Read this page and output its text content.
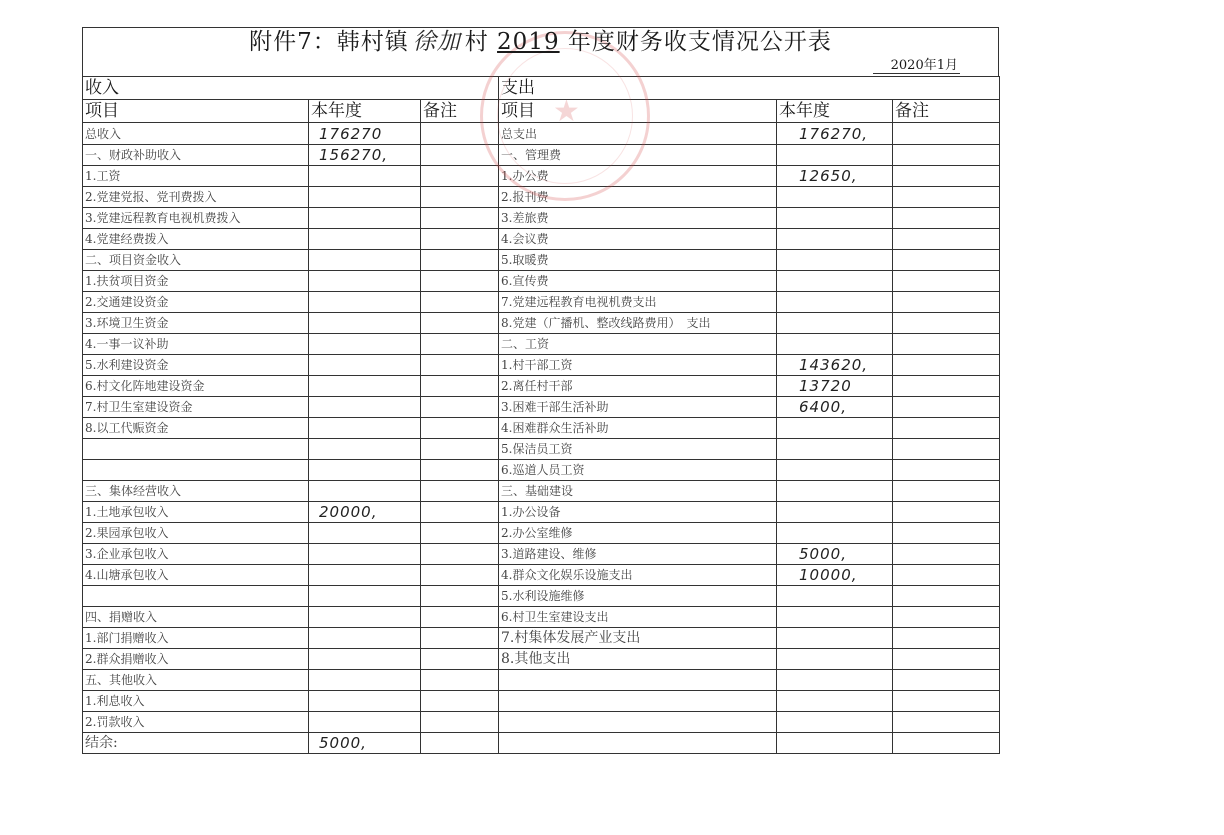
★
附件7：韩村镇 徐加 村 2019 年度财务收支情况公开表
2020年1月
收入			支出		
项目	本年度	备注	项目	本年度	备注
总收入	176270		总支出	176270,	
一、财政补助收入	156270,		一、管理费		
1.工资			1.办公费	12650,	
2.党建党报、党刊费拨入			2.报刊费		
3.党建远程教育电视机费拨入			3.差旅费		
4.党建经费拨入			4.会议费		
二、项目资金收入			5.取暖费		
1.扶贫项目资金			6.宣传费		
2.交通建设资金			7.党建远程教育电视机费支出		
3.环境卫生资金			8.党建（广播机、整改线路费用）　支出		
4.一事一议补助			二、工资		
5.水利建设资金			1.村干部工资	143620,	
6.村文化阵地建设资金			2.离任村干部	13720	
7.村卫生室建设资金			3.困难干部生活补助	6400,	
8.以工代赈资金			4.困难群众生活补助		
			5.保洁员工资		
			6.巡道人员工资		
三、集体经营收入			三、基础建设		
1.土地承包收入	20000,		1.办公设备		
2.果园承包收入			2.办公室维修		
3.企业承包收入			3.道路建设、维修	5000,	
4.山塘承包收入			4.群众文化娱乐设施支出	10000,	
			5.水利设施维修		
四、捐赠收入			6.村卫生室建设支出		
1.部门捐赠收入			7.村集体发展产业支出		
2.群众捐赠收入			8.其他支出		
五、其他收入					
1.利息收入					
2.罚款收入					
结余:	5000,				
